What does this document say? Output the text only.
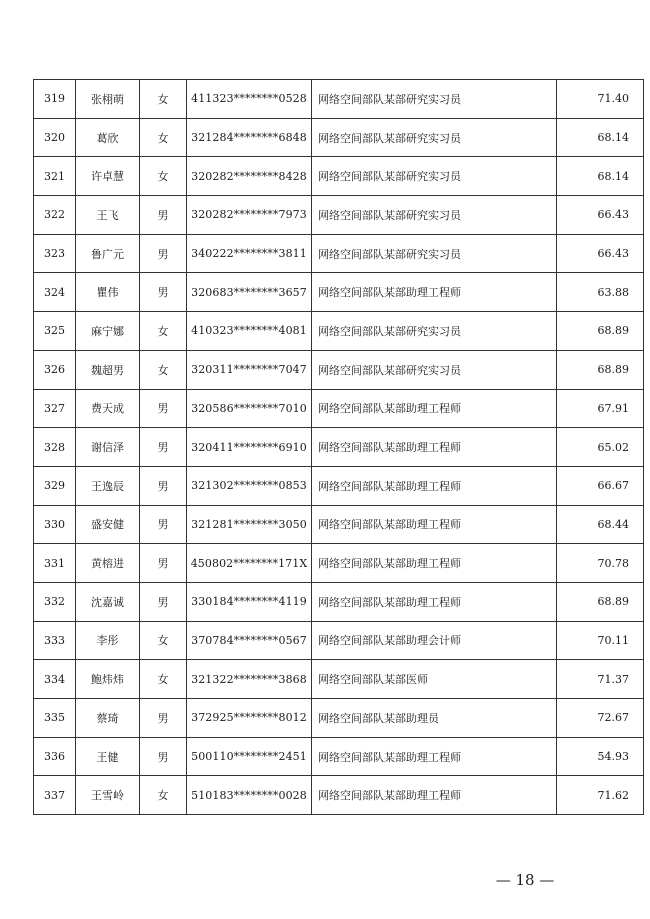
319	张栩萌	女	411323********0528	网络空间部队某部研究实习员	71.40
320	葛欣	女	321284********6848	网络空间部队某部研究实习员	68.14
321	许卓慧	女	320282********8428	网络空间部队某部研究实习员	68.14
322	王飞	男	320282********7973	网络空间部队某部研究实习员	66.43
323	鲁广元	男	340222********3811	网络空间部队某部研究实习员	66.43
324	瞿伟	男	320683********3657	网络空间部队某部助理工程师	63.88
325	麻宁娜	女	410323********4081	网络空间部队某部研究实习员	68.89
326	魏超男	女	320311********7047	网络空间部队某部研究实习员	68.89
327	费天成	男	320586********7010	网络空间部队某部助理工程师	67.91
328	谢信泽	男	320411********6910	网络空间部队某部助理工程师	65.02
329	王逸辰	男	321302********0853	网络空间部队某部助理工程师	66.67
330	盛安健	男	321281********3050	网络空间部队某部助理工程师	68.44
331	黄榕进	男	450802********171X	网络空间部队某部助理工程师	70.78
332	沈嘉诚	男	330184********4119	网络空间部队某部助理工程师	68.89
333	李彤	女	370784********0567	网络空间部队某部助理会计师	70.11
334	鲍炜炜	女	321322********3868	网络空间部队某部医师	71.37
335	蔡琦	男	372925********8012	网络空间部队某部助理员	72.67
336	王健	男	500110********2451	网络空间部队某部助理工程师	54.93
337	王雪岭	女	510183********0028	网络空间部队某部助理工程师	71.62
— 18 —
